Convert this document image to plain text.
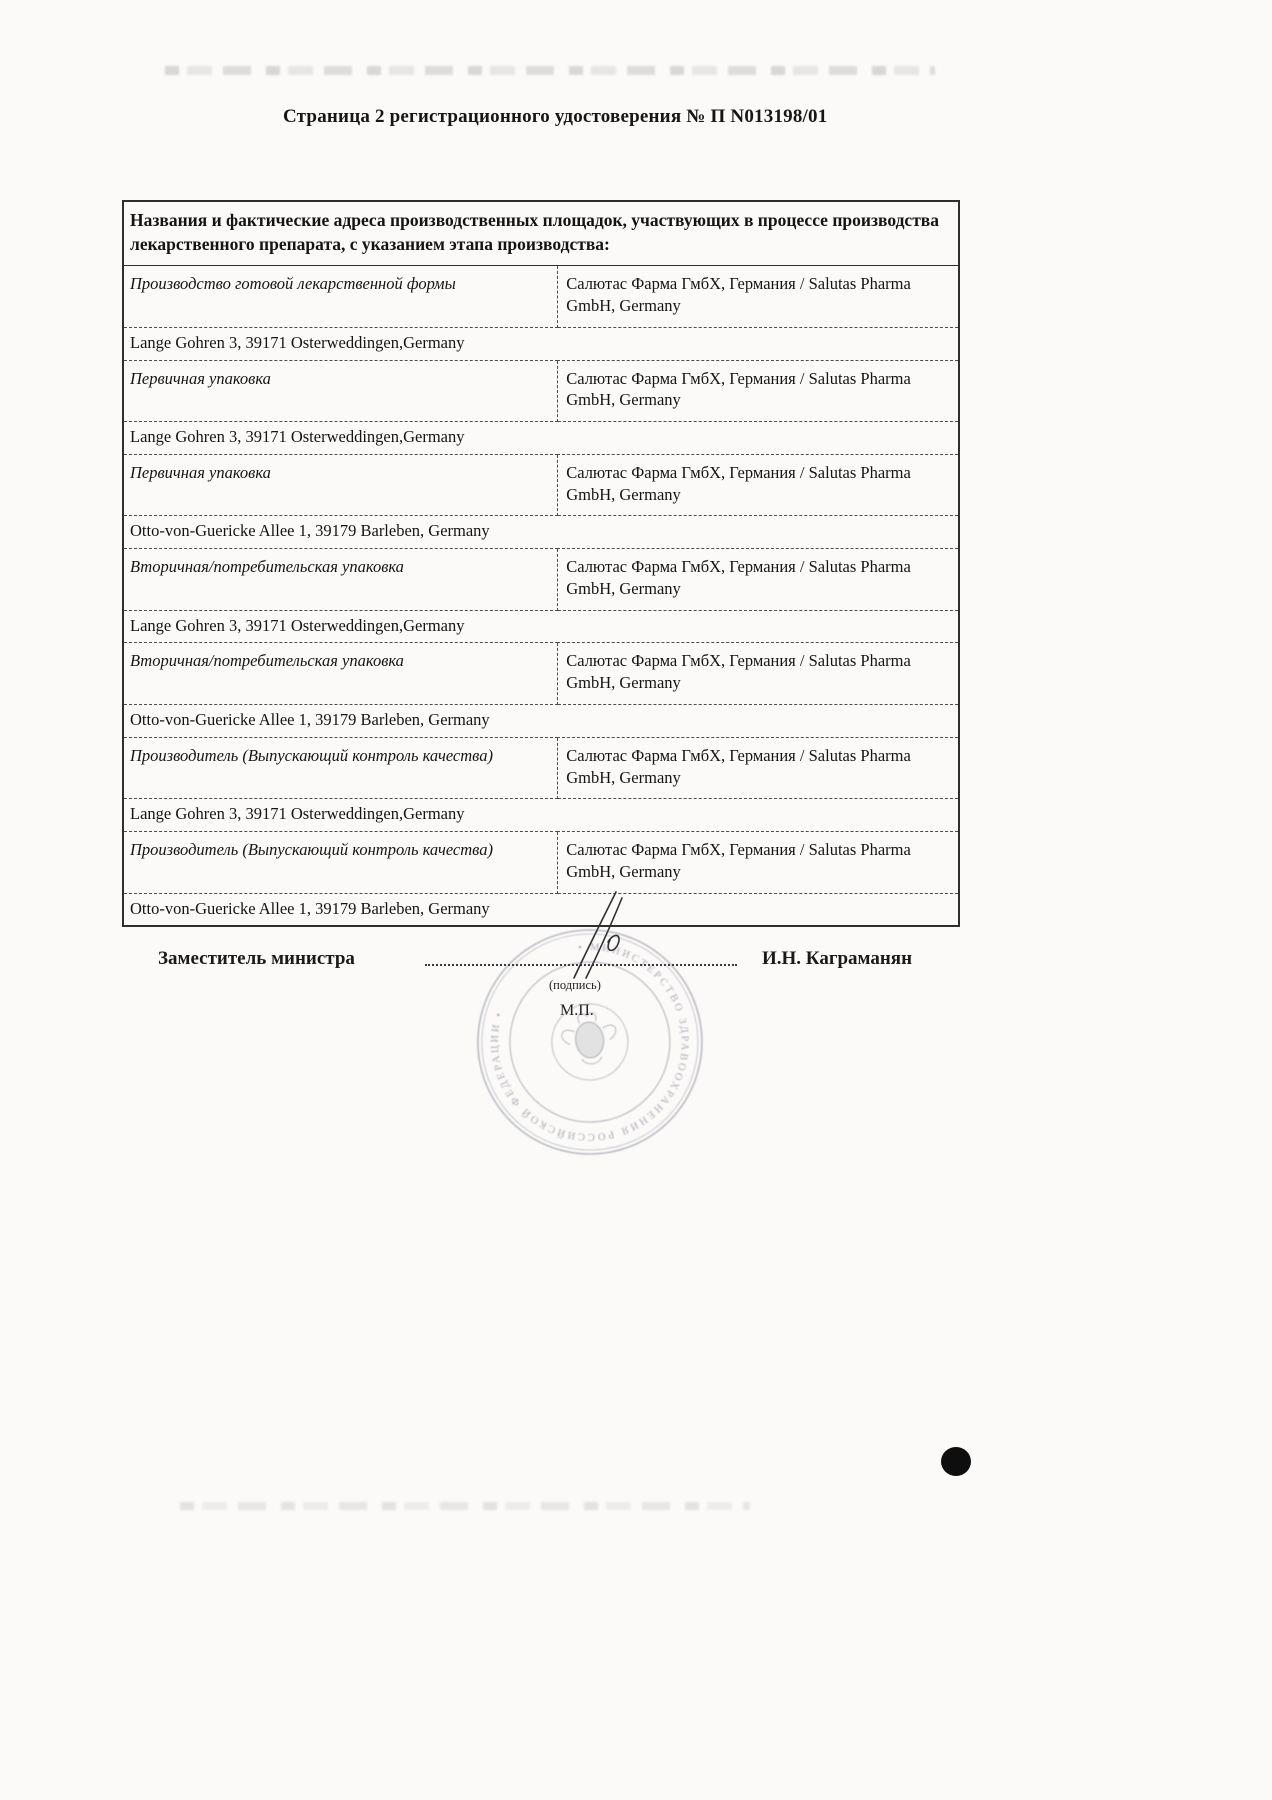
Страница 2 регистрационного удостоверения № П N013198/01
Названия и фактические адреса производственных площадок, участвующих в процессе производства лекарственного препарата, с указанием этапа производства:	
Производство готовой лекарственной формы	Салютас Фарма ГмбХ, Германия / Salutas Pharma GmbH, Germany
Lange Gohren 3, 39171 Osterweddingen,Germany	
Первичная упаковка	Салютас Фарма ГмбХ, Германия / Salutas Pharma GmbH, Germany
Lange Gohren 3, 39171 Osterweddingen,Germany	
Первичная упаковка	Салютас Фарма ГмбХ, Германия / Salutas Pharma GmbH, Germany
Otto-von-Guericke Allee 1, 39179 Barleben, Germany	
Вторичная/потребительская упаковка	Салютас Фарма ГмбХ, Германия / Salutas Pharma GmbH, Germany
Lange Gohren 3, 39171 Osterweddingen,Germany	
Вторичная/потребительская упаковка	Салютас Фарма ГмбХ, Германия / Salutas Pharma GmbH, Germany
Otto-von-Guericke Allee 1, 39179 Barleben, Germany	
Производитель (Выпускающий контроль качества)	Салютас Фарма ГмбХ, Германия / Salutas Pharma GmbH, Germany
Lange Gohren 3, 39171 Osterweddingen,Germany	
Производитель (Выпускающий контроль качества)	Салютас Фарма ГмбХ, Германия / Salutas Pharma GmbH, Germany
Otto-von-Guericke Allee 1, 39179 Barleben, Germany	
Заместитель министра	И.Н. Каграманян
(подпись)
М.П.
• МИНИСТЕРСТВО ЗДРАВООХРАНЕНИЯ РОССИЙСКОЙ ФЕДЕРАЦИИ •
